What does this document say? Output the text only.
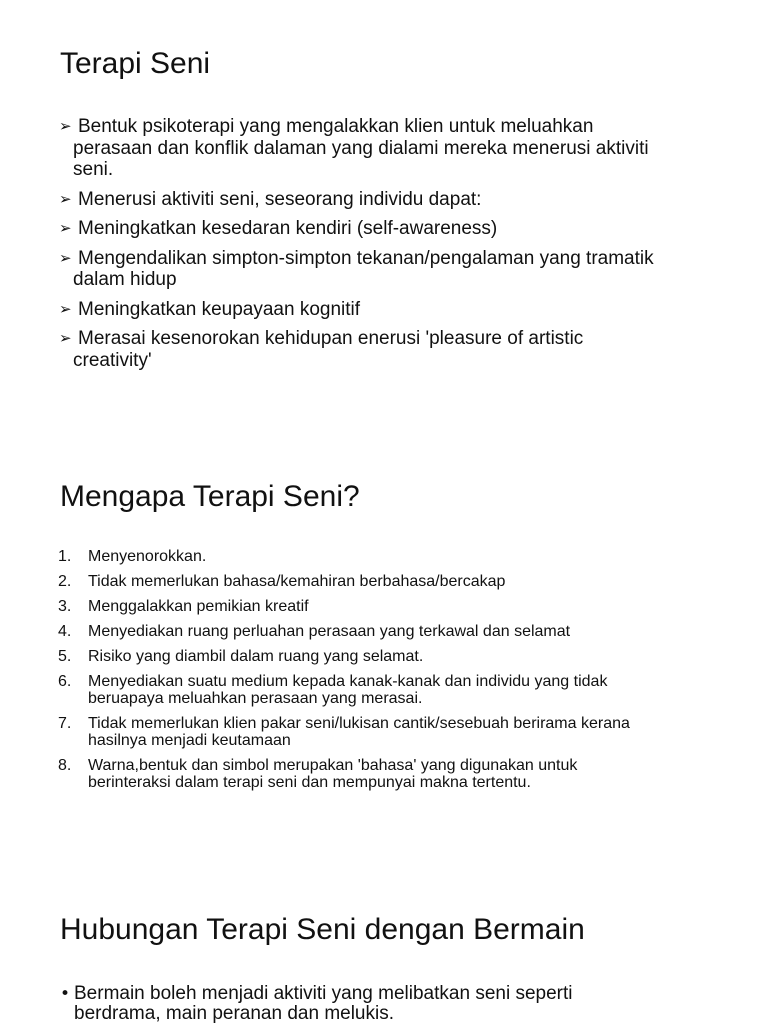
Terapi Seni
➢ Bentuk psikoterapi yang mengalakkan klien untuk meluahkan
perasaan dan konflik dalaman yang dialami mereka menerusi aktiviti
seni.
➢ Menerusi aktiviti seni, seseorang individu dapat:
➢ Meningkatkan kesedaran kendiri (self-awareness)
➢ Mengendalikan simpton-simpton tekanan/pengalaman yang tramatik
dalam hidup
➢ Meningkatkan keupayaan kognitif
➢ Merasai kesenorokan kehidupan enerusi 'pleasure of artistic
creativity'
Mengapa Terapi Seni?
1.	Menyenorokkan.
2.	Tidak memerlukan bahasa/kemahiran berbahasa/bercakap
3.	Menggalakkan pemikian kreatif
4.	Menyediakan ruang perluahan perasaan yang terkawal dan selamat
5.	Risiko yang diambil dalam ruang yang selamat.
6.	Menyediakan suatu medium kepada kanak-kanak dan individu yang tidak
beruapaya meluahkan perasaan yang merasai.
7.	Tidak memerlukan klien pakar seni/lukisan cantik/sesebuah berirama kerana
hasilnya menjadi keutamaan
8.	Warna,bentuk dan simbol merupakan 'bahasa' yang digunakan untuk
berinteraksi dalam terapi seni dan mempunyai makna tertentu.
Hubungan Terapi Seni dengan Bermain
• Bermain boleh menjadi aktiviti yang melibatkan seni seperti
berdrama, main peranan dan melukis.
